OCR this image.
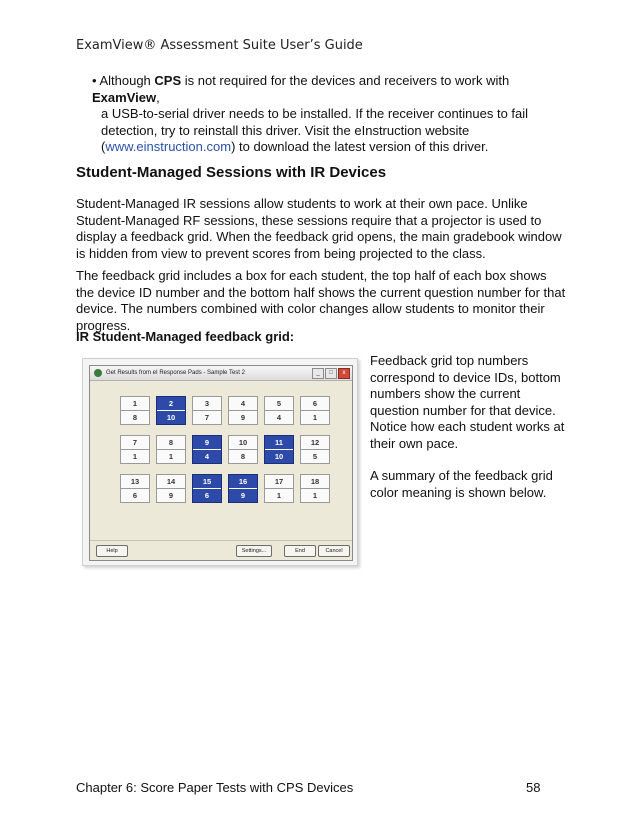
ExamView® Assessment Suite User’s Guide
• Although CPS is not required for the devices and receivers to work with ExamView,
a USB-to-serial driver needs to be installed. If the receiver continues to fail
detection, try to reinstall this driver. Visit the eInstruction website
(www.einstruction.com) to download the latest version of this driver.
Student-Managed Sessions with IR Devices
Student-Managed IR sessions allow students to work at their own pace. Unlike Student-Managed RF sessions, these sessions require that a projector is used to display a feedback grid. When the feedback grid opens, the main gradebook window is hidden from view to prevent scores from being projected to the class.
The feedback grid includes a box for each student, the top half of each box shows the device ID number and the bottom half shows the current question number for that device. The numbers combined with color changes allow students to monitor their progress.
IR Student-Managed feedback grid:
Get Results from eI Response Pads - Sample Test 2	_	□	x
1
8
2
10
3
7
4
9
5
4
6
1
7
1
8
1
9
4
10
8
11
10
12
5
13
6
14
9
15
6
16
9
17
1
18
1
Help	Settings...	End	Cancel

Feedback grid top numbers correspond to device IDs, bottom numbers show the current question number for that device. Notice how each student works at their own pace.

A summary of the feedback grid color meaning is shown below.

Chapter 6: Score Paper Tests with CPS Devices	58
